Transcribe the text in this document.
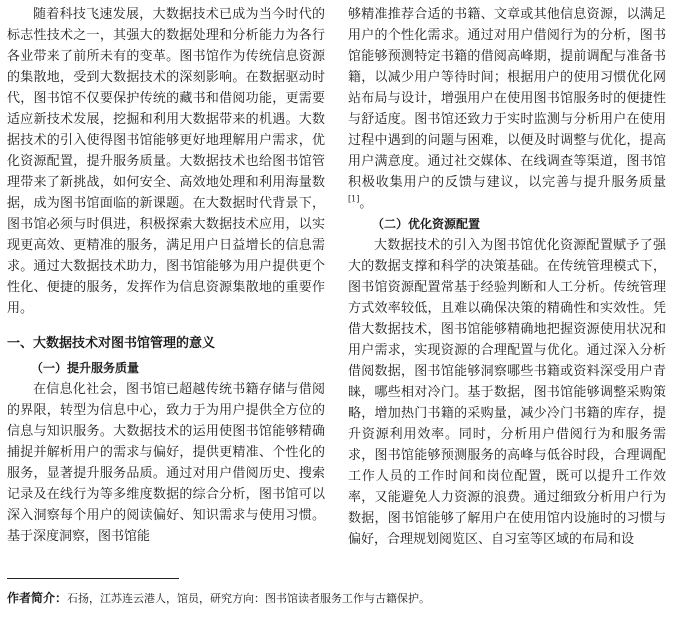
随着科技飞速发展，大数据技术已成为当今时代的标志性技术之一，其强大的数据处理和分析能力为各行各业带来了前所未有的变革。图书馆作为传统信息资源的集散地，受到大数据技术的深刻影响。在数据驱动时代，图书馆不仅要保护传统的藏书和借阅功能，更需要适应新技术发展，挖掘和利用大数据带来的机遇。大数据技术的引入使得图书馆能够更好地理解用户需求，优化资源配置，提升服务质量。大数据技术也给图书馆管理带来了新挑战，如何安全、高效地处理和利用海量数据，成为图书馆面临的新课题。在大数据时代背景下，图书馆必须与时俱进，积极探索大数据技术应用，以实现更高效、更精准的服务，满足用户日益增长的信息需求。通过大数据技术助力，图书馆能够为用户提供更个性化、便捷的服务，发挥作为信息资源集散地的重要作用。

一、大数据技术对图书馆管理的意义
（一）提升服务质量

在信息化社会，图书馆已超越传统书籍存储与借阅的界限，转型为信息中心，致力于为用户提供全方位的信息与知识服务。大数据技术的运用使图书馆能够精确捕捉并解析用户的需求与偏好，提供更精准、个性化的服务，显著提升服务品质。通过对用户借阅历史、搜索记录及在线行为等多维度数据的综合分析，图书馆可以深入洞察每个用户的阅读偏好、知识需求与使用习惯。基于深度洞察，图书馆能

够精准推荐合适的书籍、文章或其他信息资源，以满足用户的个性化需求。通过对用户借阅行为的分析，图书馆能够预测特定书籍的借阅高峰期，提前调配与准备书籍，以减少用户等待时间；根据用户的使用习惯优化网站布局与设计，增强用户在使用图书馆服务时的便捷性与舒适度。图书馆还致力于实时监测与分析用户在使用过程中遇到的问题与困难，以便及时调整与优化，提高用户满意度。通过社交媒体、在线调查等渠道，图书馆积极收集用户的反馈与建议，以完善与提升服务质量[1]。

（二）优化资源配置

大数据技术的引入为图书馆优化资源配置赋予了强大的数据支撑和科学的决策基础。在传统管理模式下，图书馆资源配置常基于经验判断和人工分析。传统管理方式效率较低，且难以确保决策的精确性和实效性。凭借大数据技术，图书馆能够精确地把握资源使用状况和用户需求，实现资源的合理配置与优化。通过深入分析借阅数据，图书馆能够洞察哪些书籍或资料深受用户青睐，哪些相对冷门。基于数据，图书馆能够调整采购策略，增加热门书籍的采购量，减少冷门书籍的库存，提升资源利用效率。同时，分析用户借阅行为和服务需求，图书馆能够预测服务的高峰与低谷时段，合理调配工作人员的工作时间和岗位配置，既可以提升工作效率，又能避免人力资源的浪费。通过细致分析用户行为数据，图书馆能够了解用户在使用馆内设施时的习惯与偏好，合理规划阅览区、自习室等区域的布局和设

作者简介：石扬，江苏连云港人，馆员，研究方向：图书馆读者服务工作与古籍保护。
